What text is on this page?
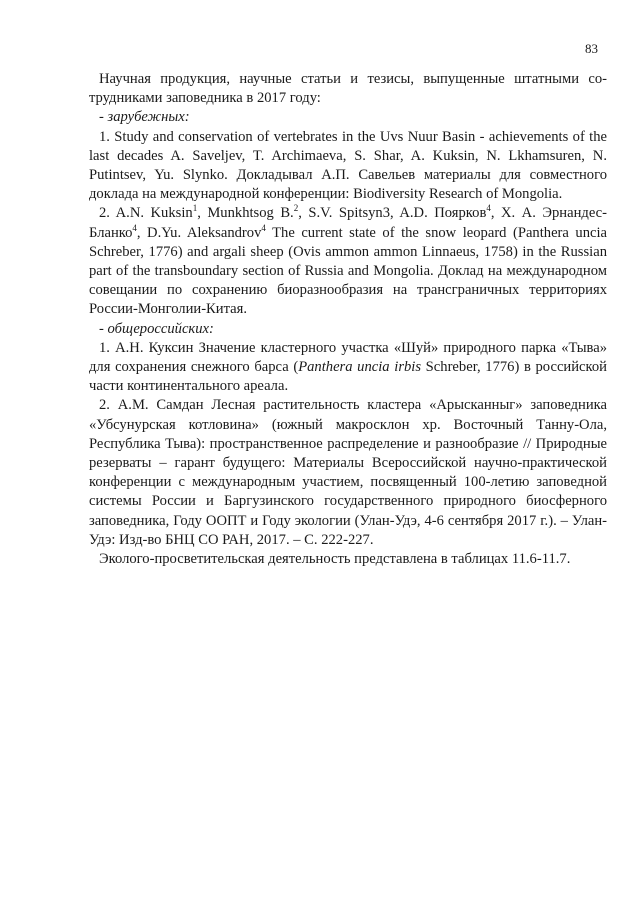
83

Научная продукция, научные статьи и тезисы, выпущенные штатными сотрудниками заповедника в 2017 году:

- зарубежных:

1. Study and conservation of vertebrates in the Uvs Nuur Basin - achievements of the last decades A. Saveljev, T. Archimaeva, S. Shar, A. Kuksin, N. Lkhamsuren, N. Putintsev, Yu. Slynko. Докладывал А.П. Савельев материалы для совместного доклада на международной конференции: Biodiversity Research of Mongolia.

2. A.N. Kuksin$^1$, Munkhtsog B.$^2$, S.V. Spitsyn3, A.D. Поярков$^4$, Х. А. Эрнандес-Бланко$^4$, D.Yu. Aleksandrov$^4$ The current state of the snow leopard (Panthera uncia Schreber, 1776) and argali sheep (Ovis ammon ammon Linnaeus, 1758) in the Russian part of the transboundary section of Russia and Mongolia. Доклад на международном совещании по сохранению биоразнообразия на трансграничных территориях России-Монголии-Китая.

- общероссийских:

1. А.Н. Куксин Значение кластерного участка «Шуй» природного парка «Тыва» для сохранения снежного барса (Panthera uncia irbis Schreber, 1776) в российской части континентального ареала.

2. А.М. Самдан Лесная растительность кластера «Арысканныг» заповедника «Убсунурская котловина» (южный макросклон хр. Восточный Танну-Ола, Республика Тыва): пространственное распределение и разнообразие // Природные резерваты – гарант будущего: Материалы Всероссийской научно-практической конференции с международным участием, посвященный 100-летию заповедной системы России и Баргузинского государственного природного биосферного заповедника, Году ООПТ и Году экологии (Улан-Удэ, 4-6 сентября 2017 г.). – Улан-Удэ: Изд-во БНЦ СО РАН, 2017. – С. 222-227.

Эколого-просветительская деятельность представлена в таблицах 11.6-11.7.
